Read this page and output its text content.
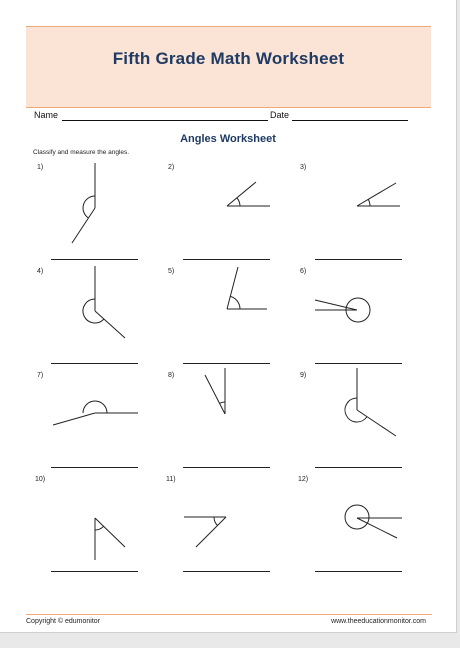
Fifth Grade Math Worksheet
Name	Date
Angles Worksheet
Classify and measure the angles.
1)	2)	3)
4)	5)	6)
7)	8)	9)
10)	11)	12)
Copyright © edumonitor	www.theeducationmonitor.com
